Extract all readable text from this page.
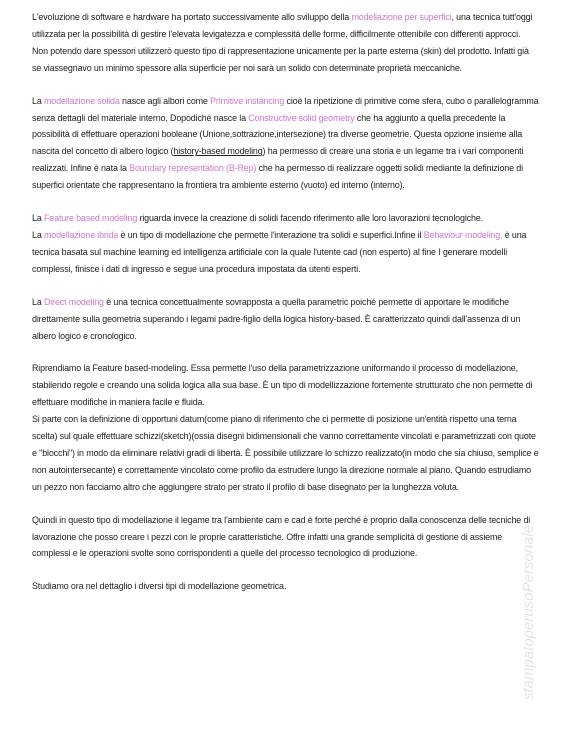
L'evoluzione di software e hardware ha portato successivamente allo sviluppo della modellazione per superfici, una tecnica tutt'oggi utilizzata per la possibilità di gestire l'elevata levigatezza e complessità delle forme, difficilmente ottenibile con differenti approcci.
Non potendo dare spessori utilizzerò questo tipo di rappresentazione unicamente per la parte esterna (skin) del prodotto. Infatti già se viassegnavo un minimo spessore alla superficie per noi sarà un solido con determinate proprietà meccaniche.
La modellazione solida nasce agli albori come Primitive instancing cioè la ripetizione di primitive come sfera, cubo o parallelogramma senza dettagli del materiale interno. Dopodiché nasce la Constructive solid geometry che ha aggiunto a quella precedente la possibilità di effettuare operazioni booleane (Unione,sottrazione,intersezione) tra diverse geometrie. Questa opzione insieme alla nascita del concetto di albero logico (history-based modeling) ha permesso di creare una storia e un legame tra i vari componenti realizzati. Infine è nata la Boundary representation (B-Rep) che ha permesso di realizzare oggetti solidi mediante la definizione di superfici orientate che rappresentano la frontiera tra ambiente esterno (vuoto) ed interno (interno).
La Feature based modeling riguarda invece la creazione di solidi facendo riferimento alle loro lavorazioni tecnologiche.
La modellazione ibrida è un tipo di modellazione che permette l'interazione tra solidi e superfici.Infine il Behaviour modeling, è una tecnica basata sul machine learning ed intelligenza artificiale con la quale l'utente cad (non esperto) al fine I generare modelli complessi, finisce i dati di ingresso e segue una procedura impostata da utenti esperti.
La Direct modeling è una tecnica concettualmente sovrapposta a quella parametric poiché permette di apportare le modifiche direttamente sulla geometria superando i legami padre-figlio della logica history-based. È caratterizzato quindi dall'assenza di un albero logico e cronologico.
Riprendiamo la Feature based-modeling. Essa permette l'uso della parametrizzazione uniformando il processo di modellazione, stabilendo regole e creando una solida logica alla sua base. È un tipo di modellizzazione fortemente strutturato che non permette di effettuare modifiche in maniera facile e fluida.
Si parte con la definizione di opportuni datum(come piano di riferimento che ci permette di posizione un'entità rispetto una terna scelta) sul quale effettuare schizzi(sketch)(ossia disegni bidimensionali che vanno correttamente vincolati e parametrizzati con quote e "blocchi") in modo da eliminare relativi gradi di libertà. È possibile utilizzare lo schizzo realizzato(in modo che sia chiuso, semplice e non autointersecante) e correttamente vincolato come profilo da estrudere lungo la direzione normale al piano. Quando estrudiamo un pezzo non facciamo altro che aggiungere strato per strato il profilo di base disegnato per la lunghezza voluta.
Quindi in questo tipo di modellazione il legame tra l'ambiente cam e cad è forte perché è proprio dalla conoscenza delle tecniche di lavorazione che posso creare i pezzi con le proprie caratteristiche. Offre infatti una grande semplicità di gestione di assieme complessi e le operazioni svolte sono corrispondenti a quelle del processo tecnologico di produzione.
Studiamo ora nel dettaglio i diversi tipi di modellazione geometrica.	stampatoperusoPersonale
